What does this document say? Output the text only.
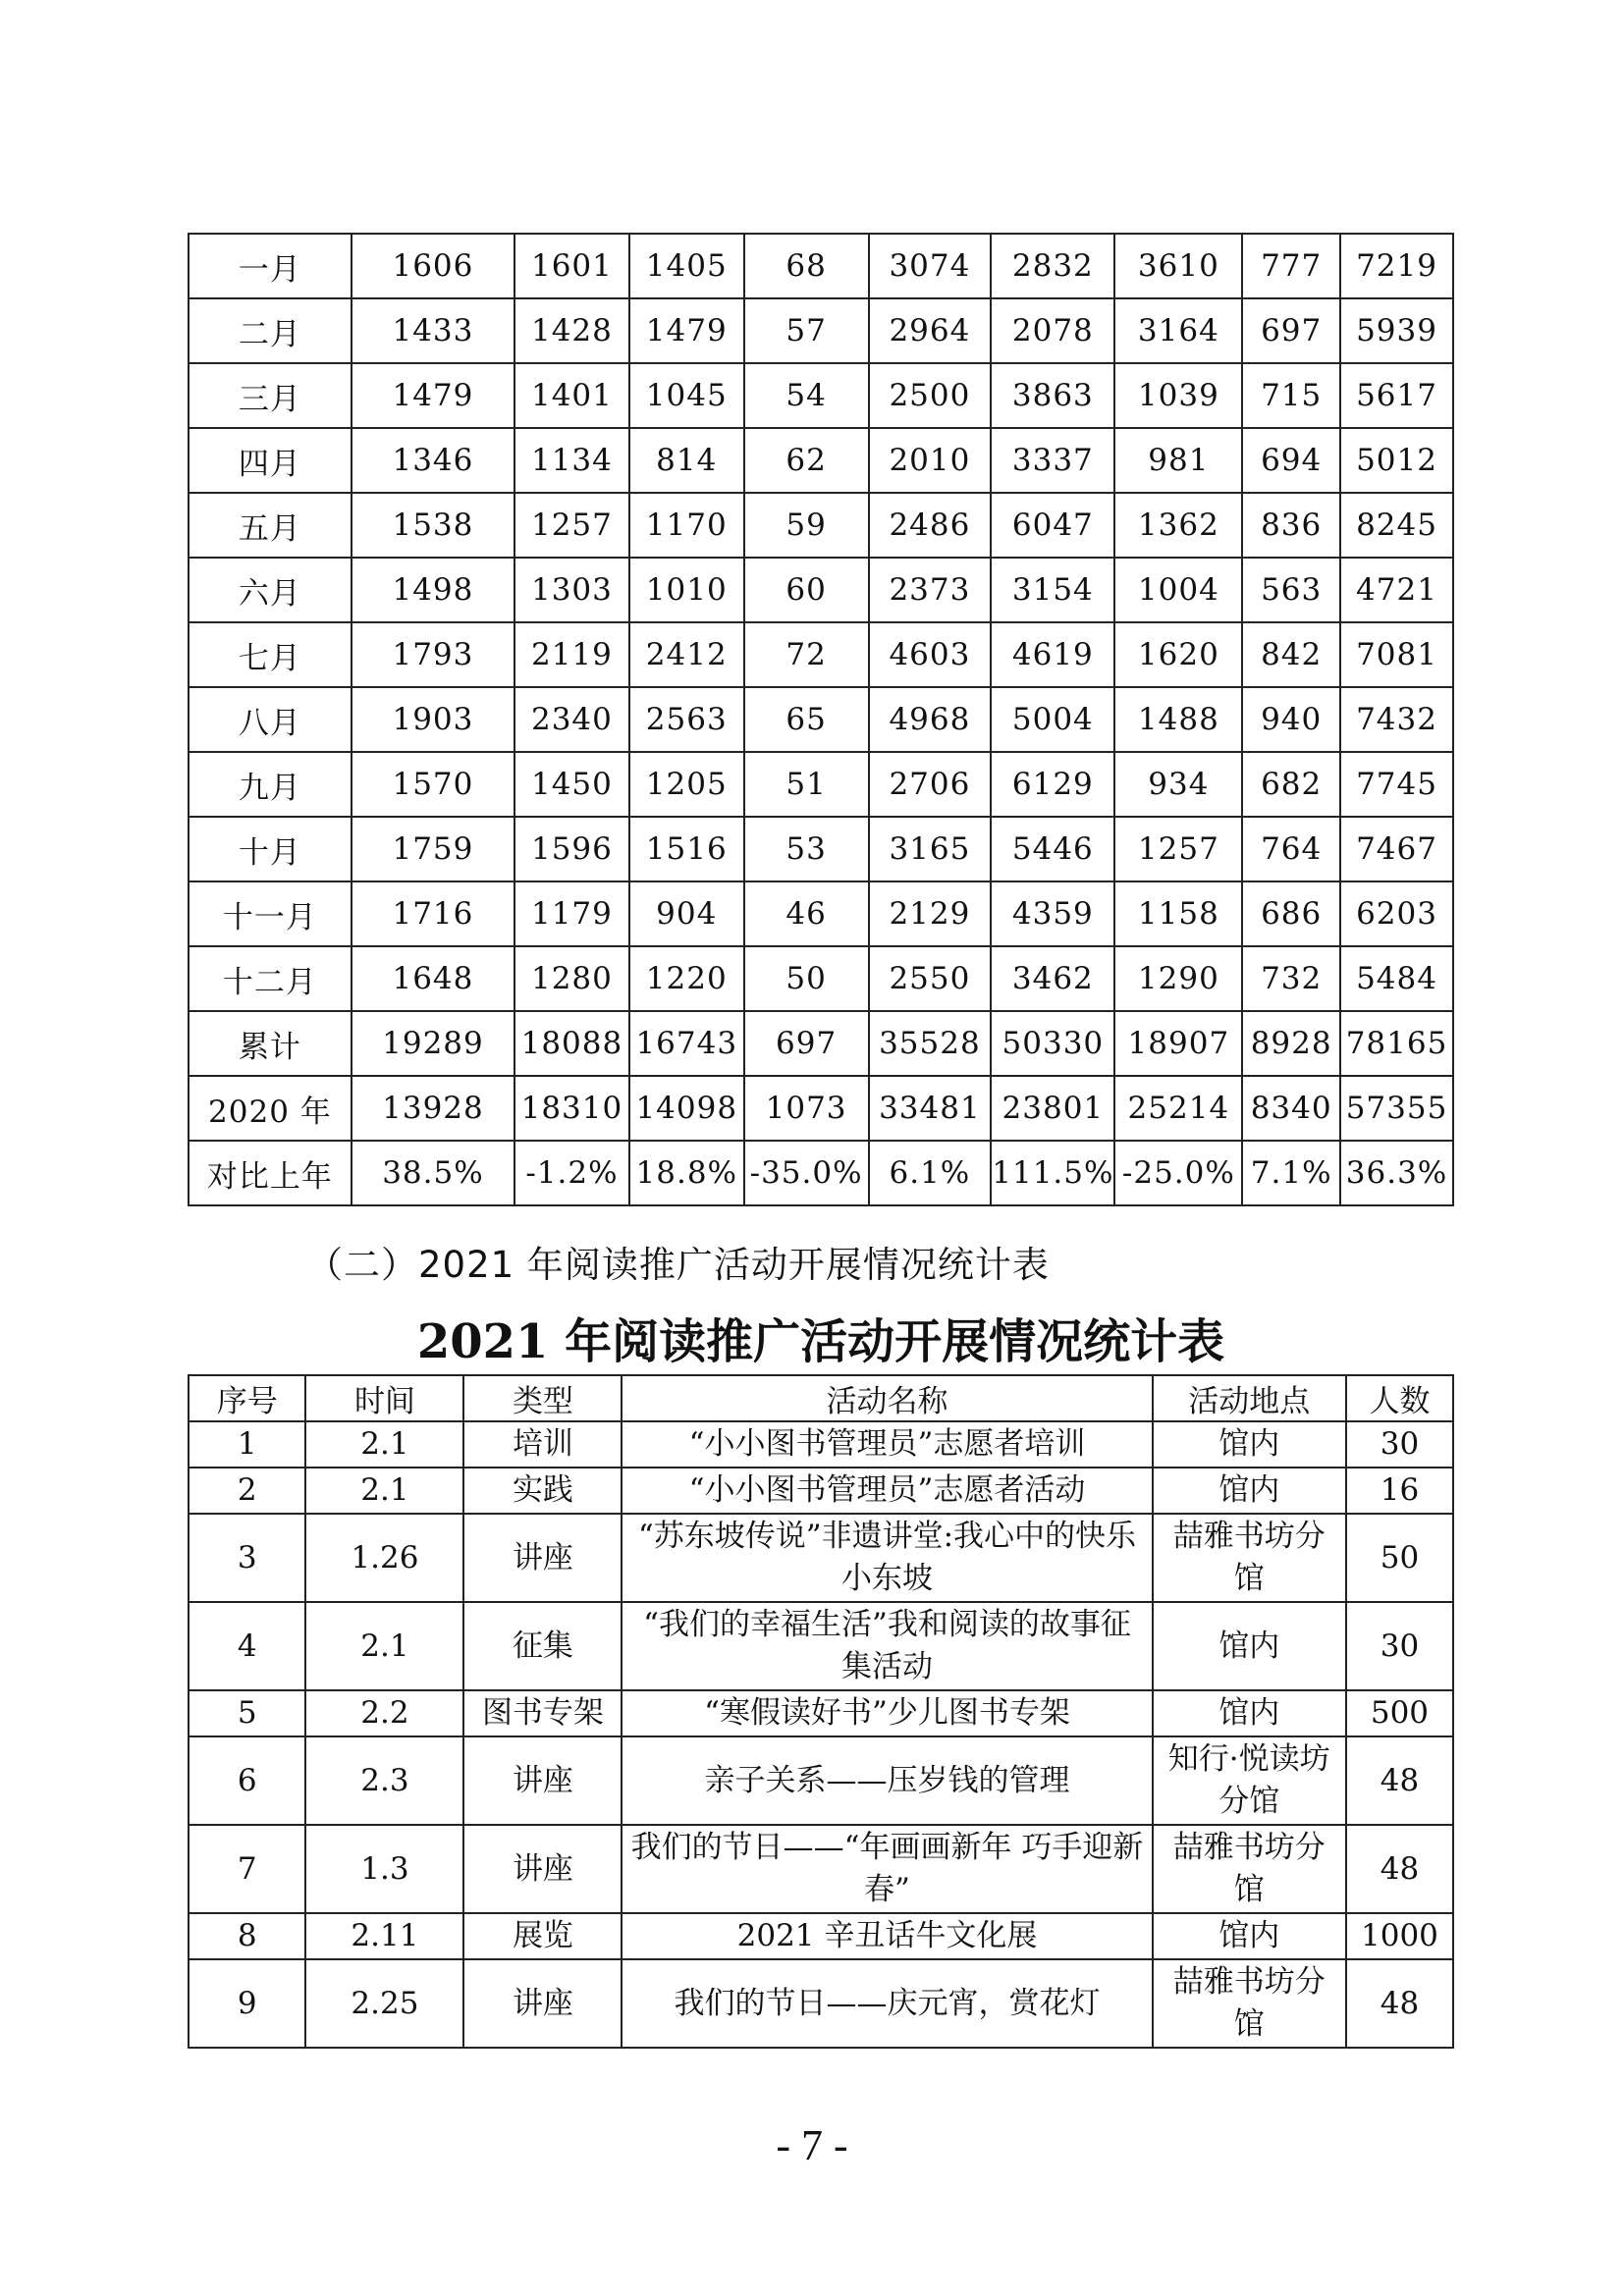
一月	1606	1601	1405	68	3074	2832	3610	777	7219
二月	1433	1428	1479	57	2964	2078	3164	697	5939
三月	1479	1401	1045	54	2500	3863	1039	715	5617
四月	1346	1134	814	62	2010	3337	981	694	5012
五月	1538	1257	1170	59	2486	6047	1362	836	8245
六月	1498	1303	1010	60	2373	3154	1004	563	4721
七月	1793	2119	2412	72	4603	4619	1620	842	7081
八月	1903	2340	2563	65	4968	5004	1488	940	7432
九月	1570	1450	1205	51	2706	6129	934	682	7745
十月	1759	1596	1516	53	3165	5446	1257	764	7467
十一月	1716	1179	904	46	2129	4359	1158	686	6203
十二月	1648	1280	1220	50	2550	3462	1290	732	5484
累计	19289	18088	16743	697	35528	50330	18907	8928	78165
2020 年	13928	18310	14098	1073	33481	23801	25214	8340	57355
对比上年	38.5%	-1.2%	18.8%	-35.0%	6.1%	111.5%	-25.0%	7.1%	36.3%
（二）2021 年阅读推广活动开展情况统计表
2021 年阅读推广活动开展情况统计表
序号	时间	类型	活动名称	活动地点	人数
1	2.1	培训	“小小图书管理员”志愿者培训	馆内	30
2	2.1	实践	“小小图书管理员”志愿者活动	馆内	16
3	1.26	讲座	“苏东坡传说”非遗讲堂:我心中的快乐小东坡	喆雅书坊分馆	50
4	2.1	征集	“我们的幸福生活”我和阅读的故事征集活动	馆内	30
5	2.2	图书专架	“寒假读好书”少儿图书专架	馆内	500
6	2.3	讲座	亲子关系——压岁钱的管理	知行·悦读坊分馆	48
7	1.3	讲座	我们的节日——“年画画新年 巧手迎新春”	喆雅书坊分馆	48
8	2.11	展览	2021 辛丑话牛文化展	馆内	1000
9	2.25	讲座	我们的节日——庆元宵，赏花灯	喆雅书坊分馆	48
- 7 -
